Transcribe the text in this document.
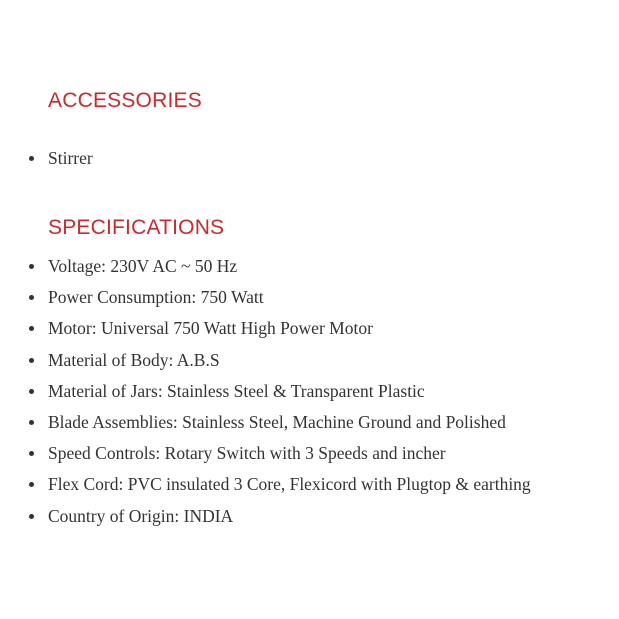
ACCESSORIES
Stirrer
SPECIFICATIONS
Voltage: 230V AC ~ 50 Hz
Power Consumption: 750 Watt
Motor: Universal 750 Watt High Power Motor
Material of Body: A.B.S
Material of Jars: Stainless Steel & Transparent Plastic
Blade Assemblies: Stainless Steel, Machine Ground and Polished
Speed Controls: Rotary Switch with 3 Speeds and incher
Flex Cord: PVC insulated 3 Core, Flexicord with Plugtop & earthing
Country of Origin: INDIA
